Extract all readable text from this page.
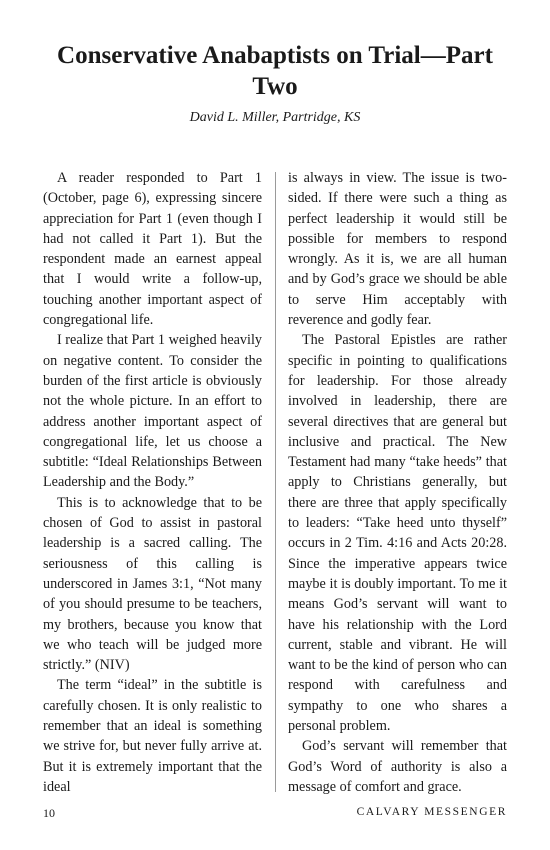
Conservative Anabaptists on Trial—Part Two

David L. Miller, Partridge, KS

A reader responded to Part 1 (October, page 6), expressing sincere appreciation for Part 1 (even though I had not called it Part 1). But the respondent made an earnest appeal that I would write a follow-up, touching another important aspect of congregational life.

I realize that Part 1 weighed heavily on negative content. To consider the burden of the first article is obviously not the whole picture. In an effort to address another important aspect of congregational life, let us choose a subtitle: “Ideal Relationships Between Leadership and the Body.”

This is to acknowledge that to be chosen of God to assist in pastoral leadership is a sacred calling. The seriousness of this calling is underscored in James 3:1, “Not many of you should presume to be teachers, my brothers, because you know that we who teach will be judged more strictly.” (NIV)

The term “ideal” in the subtitle is carefully chosen. It is only realistic to remember that an ideal is something we strive for, but never fully arrive at. But it is extremely important that the ideal

is always in view. The issue is two-sided. If there were such a thing as perfect leadership it would still be possible for members to respond wrongly. As it is, we are all human and by God’s grace we should be able to serve Him acceptably with reverence and godly fear.

The Pastoral Epistles are rather specific in pointing to qualifications for leadership. For those already involved in leadership, there are several directives that are general but inclusive and practical. The New Testament had many “take heeds” that apply to Christians generally, but there are three that apply specifically to leaders: “Take heed unto thyself” occurs in 2 Tim. 4:16 and Acts 20:28. Since the imperative appears twice maybe it is doubly important. To me it means God’s servant will want to have his relationship with the Lord current, stable and vibrant. He will want to be the kind of person who can respond with carefulness and sympathy to one who shares a personal problem.

God’s servant will remember that God’s Word of authority is also a message of comfort and grace.

10	CALVARY MESSENGER
